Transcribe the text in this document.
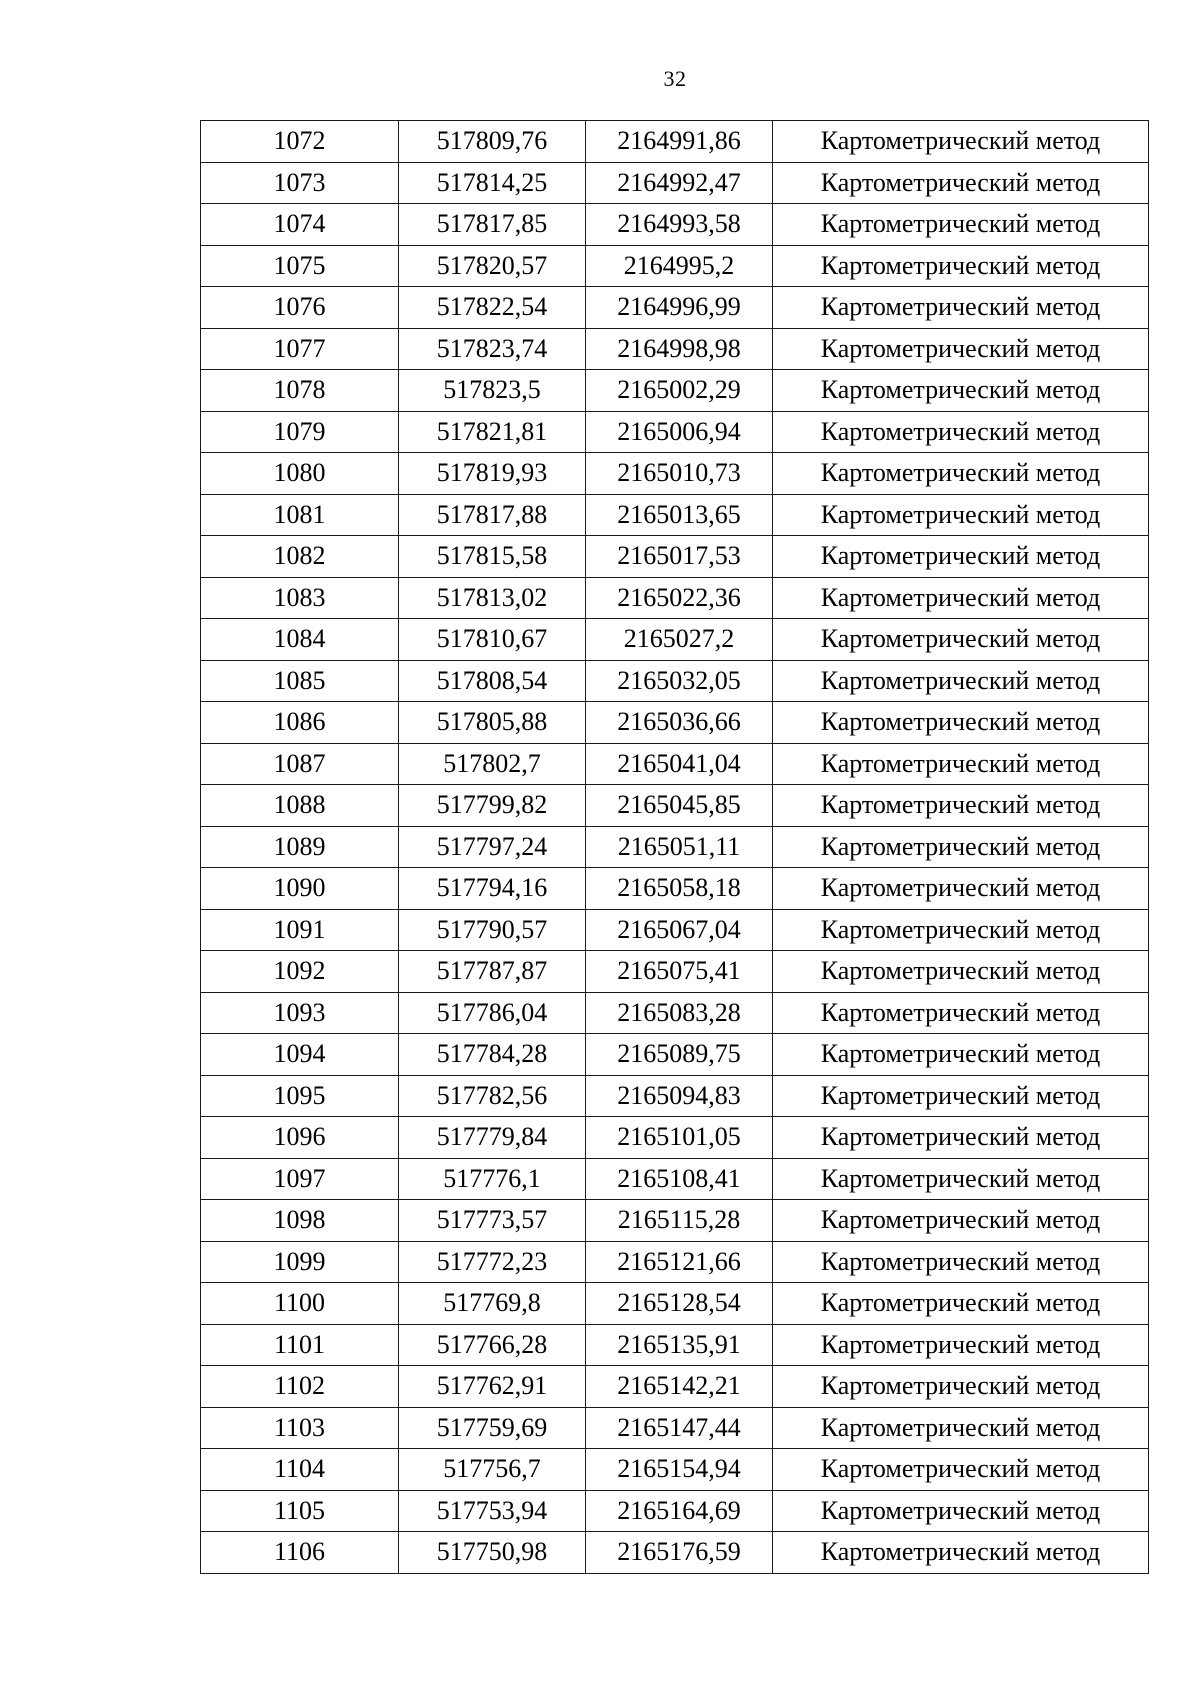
32
1072	517809,76	2164991,86	Картометрический метод
1073	517814,25	2164992,47	Картометрический метод
1074	517817,85	2164993,58	Картометрический метод
1075	517820,57	2164995,2	Картометрический метод
1076	517822,54	2164996,99	Картометрический метод
1077	517823,74	2164998,98	Картометрический метод
1078	517823,5	2165002,29	Картометрический метод
1079	517821,81	2165006,94	Картометрический метод
1080	517819,93	2165010,73	Картометрический метод
1081	517817,88	2165013,65	Картометрический метод
1082	517815,58	2165017,53	Картометрический метод
1083	517813,02	2165022,36	Картометрический метод
1084	517810,67	2165027,2	Картометрический метод
1085	517808,54	2165032,05	Картометрический метод
1086	517805,88	2165036,66	Картометрический метод
1087	517802,7	2165041,04	Картометрический метод
1088	517799,82	2165045,85	Картометрический метод
1089	517797,24	2165051,11	Картометрический метод
1090	517794,16	2165058,18	Картометрический метод
1091	517790,57	2165067,04	Картометрический метод
1092	517787,87	2165075,41	Картометрический метод
1093	517786,04	2165083,28	Картометрический метод
1094	517784,28	2165089,75	Картометрический метод
1095	517782,56	2165094,83	Картометрический метод
1096	517779,84	2165101,05	Картометрический метод
1097	517776,1	2165108,41	Картометрический метод
1098	517773,57	2165115,28	Картометрический метод
1099	517772,23	2165121,66	Картометрический метод
1100	517769,8	2165128,54	Картометрический метод
1101	517766,28	2165135,91	Картометрический метод
1102	517762,91	2165142,21	Картометрический метод
1103	517759,69	2165147,44	Картометрический метод
1104	517756,7	2165154,94	Картометрический метод
1105	517753,94	2165164,69	Картометрический метод
1106	517750,98	2165176,59	Картометрический метод
